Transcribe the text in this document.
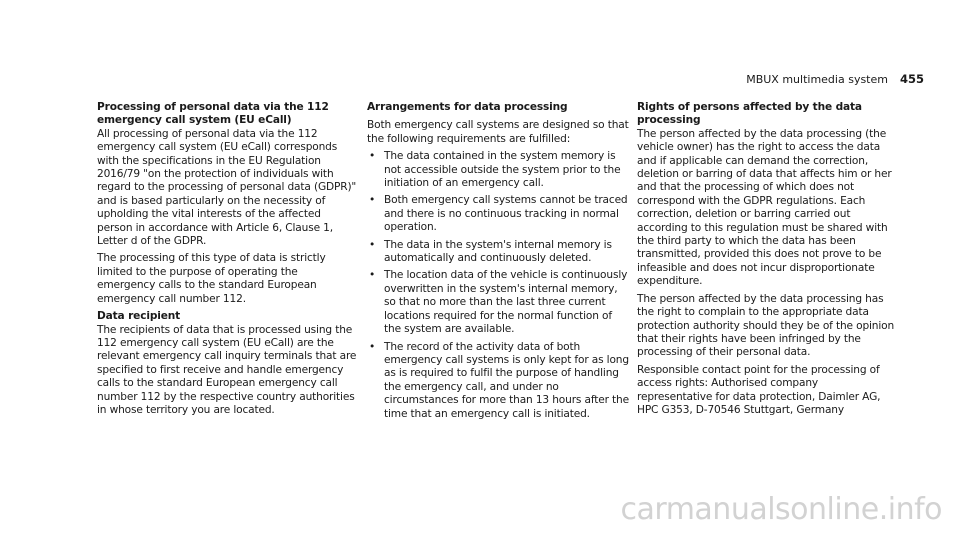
MBUX multimedia system 455
Processing of personal data via the 112 emergency call system (EU eCall)

All processing of personal data via the 112 emergency call system (EU eCall) corresponds with the specifications in the EU Regulation 2016/79 "on the protection of individuals with regard to the processing of personal data (GDPR)" and is based particularly on the necessity of upholding the vital interests of the affected person in accordance with Article 6, Clause 1, Letter d of the GDPR.

The processing of this type of data is strictly limited to the purpose of operating the emergency calls to the standard European emergency call number 112.

Data recipient

The recipients of data that is processed using the 112 emergency call system (EU eCall) are the relevant emergency call inquiry terminals that are specified to first receive and handle emergency calls to the standard European emergency call number 112 by the respective country authorities in whose territory you are located.

Arrangements for data processing

Both emergency call systems are designed so that the following requirements are fulfilled:

• The data contained in the system memory is not accessible outside the system prior to the initiation of an emergency call.
• Both emergency call systems cannot be traced and there is no continuous tracking in normal operation.
• The data in the system's internal memory is automatically and continuously deleted.
• The location data of the vehicle is continuously overwritten in the system's internal memory, so that no more than the last three current locations required for the normal function of the system are available.
• The record of the activity data of both emergency call systems is only kept for as long as is required to fulfil the purpose of handling the emergency call, and under no circumstances for more than 13 hours after the time that an emergency call is initiated.
Rights of persons affected by the data processing

The person affected by the data processing (the vehicle owner) has the right to access the data and if applicable can demand the correction, deletion or barring of data that affects him or her and that the processing of which does not correspond with the GDPR regulations. Each correction, deletion or barring carried out according to this regulation must be shared with the third party to which the data has been transmitted, provided this does not prove to be infeasible and does not incur disproportionate expenditure.

The person affected by the data processing has the right to complain to the appropriate data protection authority should they be of the opinion that their rights have been infringed by the processing of their personal data.

Responsible contact point for the processing of access rights: Authorised company representative for data protection, Daimler AG, HPC G353, D-70546 Stuttgart, Germany

carmanualsonline.info
